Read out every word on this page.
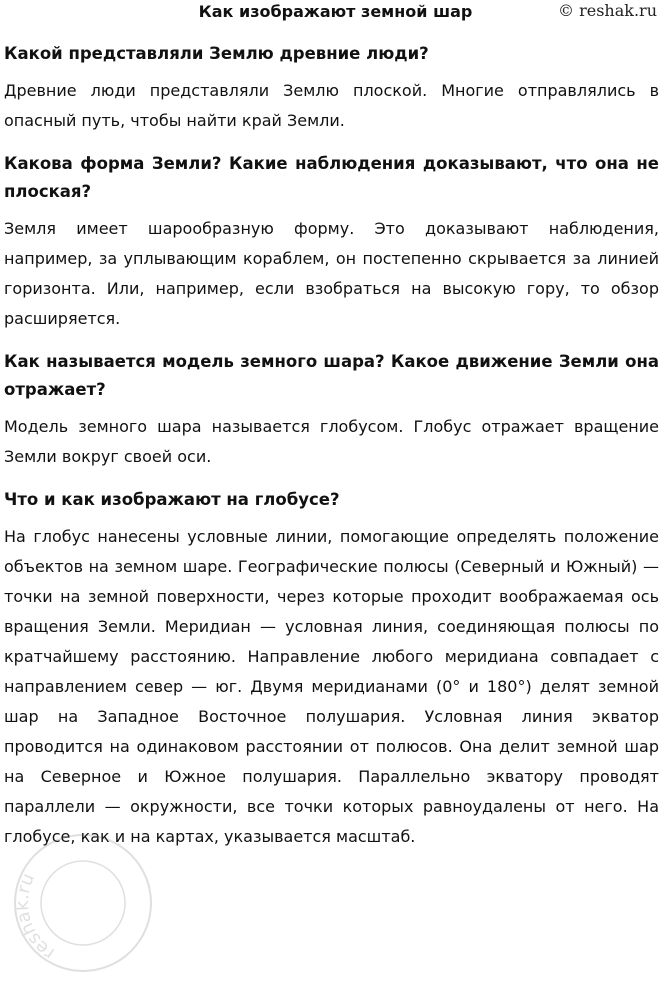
Как изображают земной шар	© reshak.ru
Какой представляли Землю древние люди?

Древние люди представляли Землю плоской. Многие отправлялись в опасный путь, чтобы найти край Земли.

Какова форма Земли? Какие наблюдения доказывают, что она не плоская?

Земля имеет шарообразную форму. Это доказывают наблюдения, например, за уплывающим кораблем, он постепенно скрывается за линией горизонта. Или, например, если взобраться на высокую гору, то обзор расширяется.

Как называется модель земного шара? Какое движение Земли она отражает?

Модель земного шара называется глобусом. Глобус отражает вращение Земли вокруг своей оси.

Что и как изображают на глобусе?

На глобус нанесены условные линии, помогающие определять положение объектов на земном шаре. Географические полюсы (Северный и Южный) — точки на земной поверхности, через которые проходит воображаемая ось вращения Земли. Меридиан — условная линия, соединяющая полюсы по кратчайшему расстоянию. Направление любого меридиана совпадает с направлением север — юг. Двумя меридианами (0° и 180°) делят земной шар на Западное Восточное полушария. Условная линия экватор проводится на одинаковом расстоянии от полюсов. Она делит земной шар на Северное и Южное полушария. Параллельно экватору проводят параллели — окружности, все точки которых равноудалены от него. На глобусе, как и на картах, указывается масштаб.

reshak.ru
